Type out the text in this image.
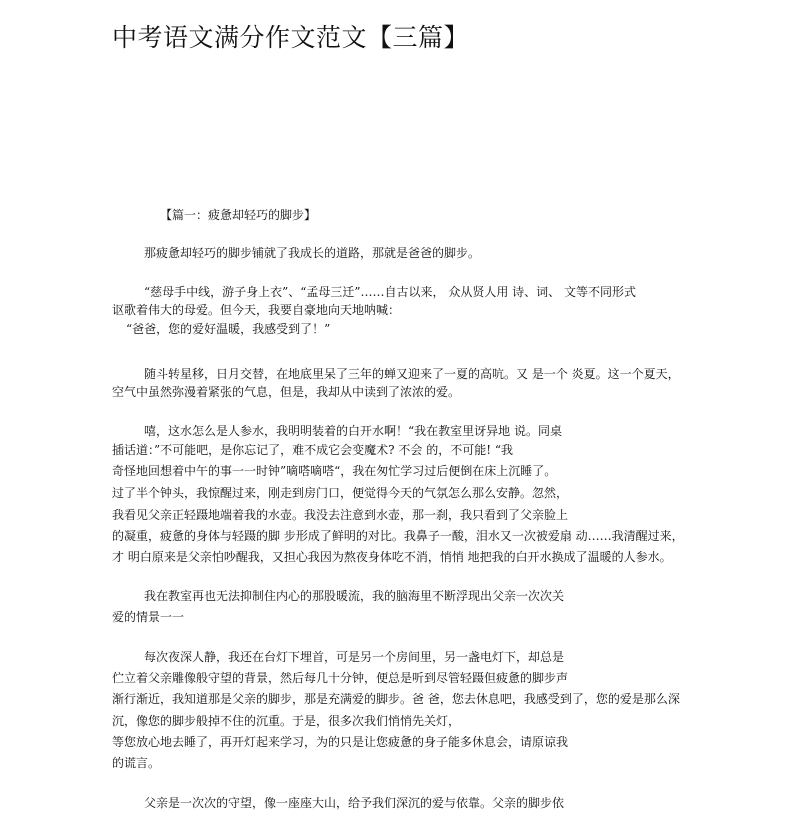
中考语文满分作文范文【三篇】
【篇一：疲惫却轻巧的脚步】
那疲惫却轻巧的脚步铺就了我成长的道路，那就是爸爸的脚步。
“慈母手中线，游子身上衣”、“孟母三迁”……自古以来， 众从贤人用 诗、词、 文等不同形式
讴歌着伟大的母爱。但今天，我要自豪地向天地呐喊：
“爸爸，您的爱好温暖，我感受到了！”
随斗转星移，日月交替，在地底里呆了三年的蝉又迎来了一夏的高吭。又 是一个 炎夏。这一个夏天，
空气中虽然弥漫着紧张的气息，但是，我却从中读到了浓浓的爱。
嘻，这水怎么是人参水，我明明装着的白开水啊！“我在教室里讶异地 说。同桌
插话道：”不可能吧，是你忘记了，难不成它会变魔术? 不会 的，不可能! “我
奇怪地回想着中午的事一一时钟”嘀嗒嘀嗒“，我在匆忙学习过后便倒在床上沉睡了。
过了半个钟头，我惊醒过来，刚走到房门口，便觉得今天的气氛怎么那么安静。忽然，
我看见父亲正轻蹑地端着我的水壶。我没去注意到水壶，那一刹，我只看到了父亲脸上
的凝重，疲惫的身体与轻蹑的脚 步形成了鲜明的对比。我鼻子一酸，泪水又一次被爱扇 动……我清醒过来，
才 明白原来是父亲怕吵醒我，又担心我因为熬夜身体吃不消，悄悄 地把我的白开水换成了温暖的人参水。
我在教室再也无法抑制住内心的那股暖流，我的脑海里不断浮现出父亲一次次关
爱的情景一一
每次夜深人静，我还在台灯下埋首，可是另一个房间里，另一盏电灯下，却总是
伫立着父亲雕像般守望的背景，然后每几十分钟，便总是听到尽管轻蹑但疲惫的脚步声
渐行渐近，我知道那是父亲的脚步，那是充满爱的脚步。爸 爸，您去休息吧，我感受到了，您的爱是那么深
沉，像您的脚步般掉不住的沉重。于是，很多次我们悄悄先关灯，
等您放心地去睡了，再开灯起来学习，为的只是让您疲惫的身子能多休息会，请原谅我
的谎言。
父亲是一次次的守望，像一座座大山，给予我们深沉的爱与依靠。父亲的脚步依
